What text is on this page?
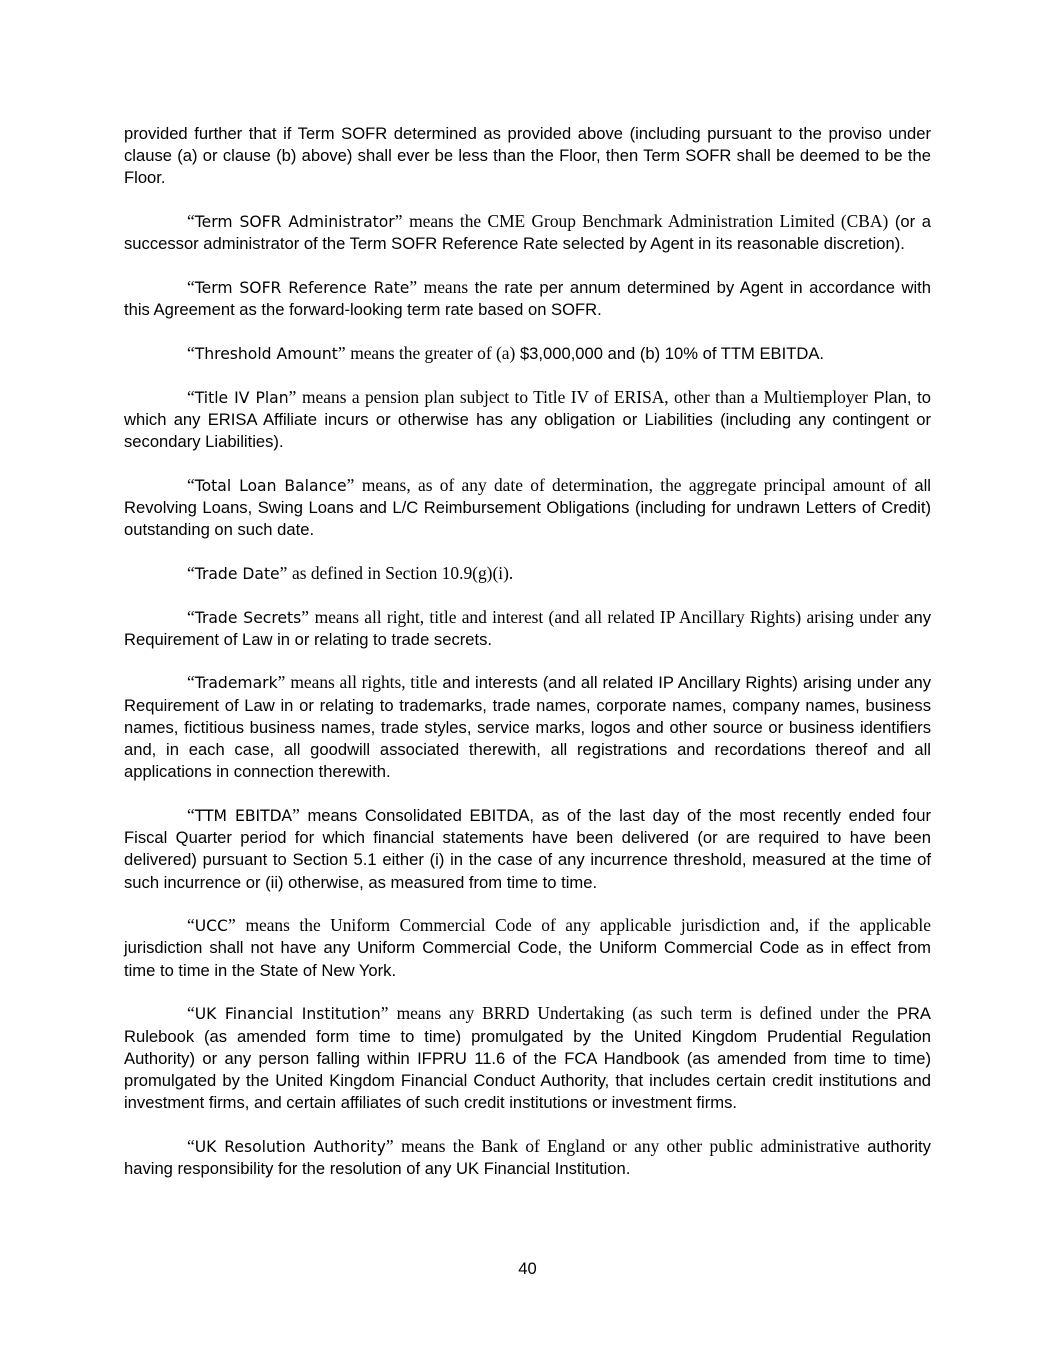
provided further that if Term SOFR determined as provided above (including pursuant to the proviso under clause (a) or clause (b) above) shall ever be less than the Floor, then Term SOFR shall be deemed to be the Floor.

“Term SOFR Administrator” means the CME Group Benchmark Administration Limited (CBA) (or a successor administrator of the Term SOFR Reference Rate selected by Agent in its reasonable discretion).

“Term SOFR Reference Rate” means the rate per annum determined by Agent in accordance with this Agreement as the forward-looking term rate based on SOFR.

“Threshold Amount” means the greater of (a) $3,000,000 and (b) 10% of TTM EBITDA.

“Title IV Plan” means a pension plan subject to Title IV of ERISA, other than a Multiemployer Plan, to which any ERISA Affiliate incurs or otherwise has any obligation or Liabilities (including any contingent or secondary Liabilities).

“Total Loan Balance” means, as of any date of determination, the aggregate principal amount of all Revolving Loans, Swing Loans and L/C Reimbursement Obligations (including for undrawn Letters of Credit) outstanding on such date.

“Trade Date” as defined in Section 10.9(g)(i).

“Trade Secrets” means all right, title and interest (and all related IP Ancillary Rights) arising under any Requirement of Law in or relating to trade secrets.

“Trademark” means all rights, title and interests (and all related IP Ancillary Rights) arising under any Requirement of Law in or relating to trademarks, trade names, corporate names, company names, business names, fictitious business names, trade styles, service marks, logos and other source or business identifiers and, in each case, all goodwill associated therewith, all registrations and recordations thereof and all applications in connection therewith.

“TTM EBITDA” means Consolidated EBITDA, as of the last day of the most recently ended four Fiscal Quarter period for which financial statements have been delivered (or are required to have been delivered) pursuant to Section 5.1 either (i) in the case of any incurrence threshold, measured at the time of such incurrence or (ii) otherwise, as measured from time to time.

“UCC” means the Uniform Commercial Code of any applicable jurisdiction and, if the applicable jurisdiction shall not have any Uniform Commercial Code, the Uniform Commercial Code as in effect from time to time in the State of New York.

“UK Financial Institution” means any BRRD Undertaking (as such term is defined under the PRA Rulebook (as amended form time to time) promulgated by the United Kingdom Prudential Regulation Authority) or any person falling within IFPRU 11.6 of the FCA Handbook (as amended from time to time) promulgated by the United Kingdom Financial Conduct Authority, that includes certain credit institutions and investment firms, and certain affiliates of such credit institutions or investment firms.

“UK Resolution Authority” means the Bank of England or any other public administrative authority having responsibility for the resolution of any UK Financial Institution.

40
